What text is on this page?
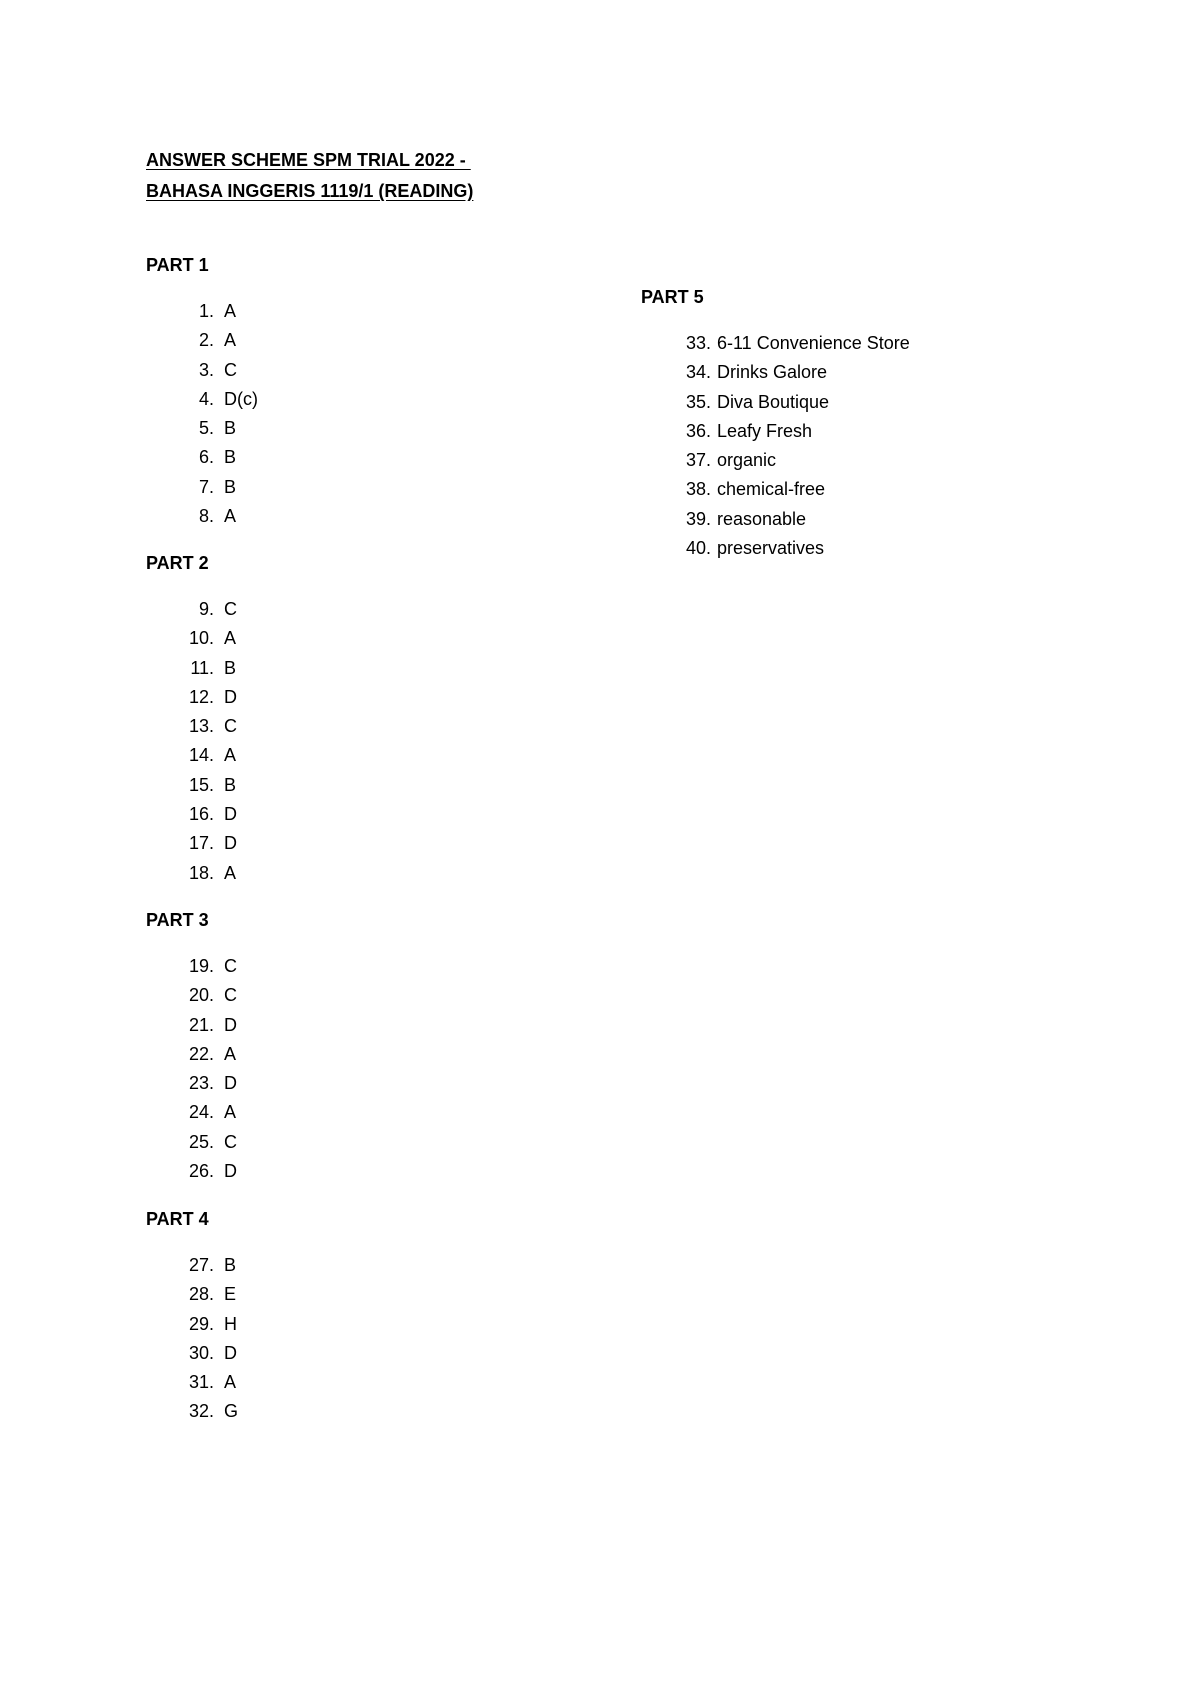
ANSWER SCHEME SPM TRIAL 2022 -
BAHASA INGGERIS 1119/1 (READING)
PART 1
1. A
2. A
3. C
4. D(c)
5. B
6. B
7. B
8. A
PART 2
9. C
10. A
11. B
12. D
13. C
14. A
15. B
16. D
17. D
18. A
PART 3
19. C
20. C
21. D
22. A
23. D
24. A
25. C
26. D
PART 4
27. B
28. E
29. H
30. D
31. A
32. G
PART 5
33. 6-11 Convenience Store
34. Drinks Galore
35. Diva Boutique
36. Leafy Fresh
37. organic
38. chemical-free
39. reasonable
40. preservatives
